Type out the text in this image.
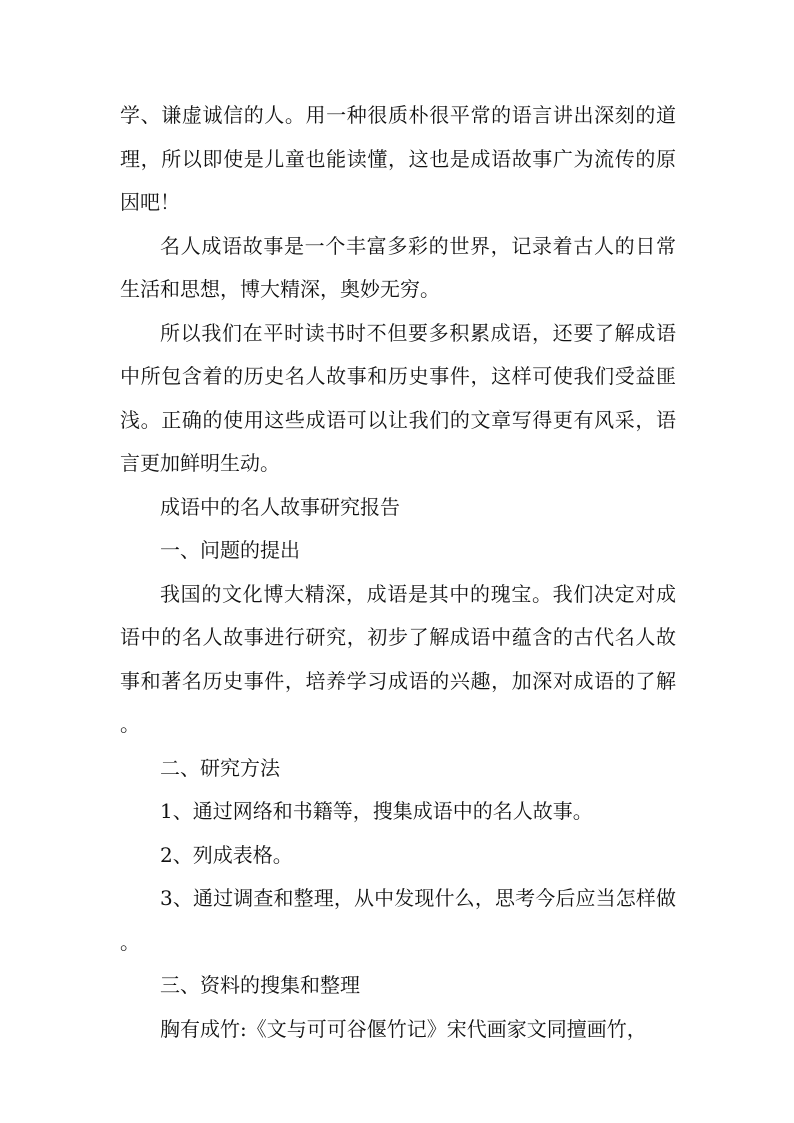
学、谦虚诚信的人。用一种很质朴很平常的语言讲出深刻的道理，所以即使是儿童也能读懂，这也是成语故事广为流传的原因吧！

名人成语故事是一个丰富多彩的世界，记录着古人的日常生活和思想，博大精深，奥妙无穷。

所以我们在平时读书时不但要多积累成语，还要了解成语中所包含着的历史名人故事和历史事件，这样可使我们受益匪浅。正确的使用这些成语可以让我们的文章写得更有风采，语言更加鲜明生动。

成语中的名人故事研究报告

一、问题的提出

我国的文化博大精深，成语是其中的瑰宝。我们决定对成语中的名人故事进行研究，初步了解成语中蕴含的古代名人故事和著名历史事件，培养学习成语的兴趣，加深对成语的了解。

二、研究方法

1、通过网络和书籍等，搜集成语中的名人故事。

2、列成表格。

3、通过调查和整理，从中发现什么，思考今后应当怎样做。

三、资料的搜集和整理

胸有成竹:《文与可可谷偃竹记》宋代画家文同擅画竹，
